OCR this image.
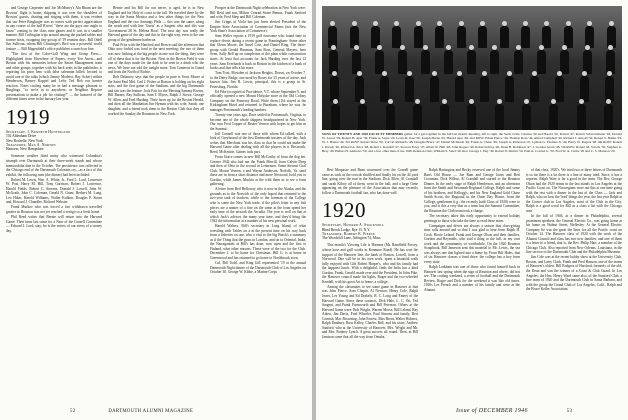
and George Carpenter and Joe McMurtry's Ala Rhum are the Browns' flight is home, shipping it was over the shoulders of Browns' guests, chatting and singing with them, it was evident that our Peter Ringlinger was as comes with perfect appreciation in any course of the hall Rivers' "these are the guys one ought to know" coming to the class nine games and it was in a smaller manner. Bill Cotlington trips around among the packed tables and former hosts, swapping tiny gossip of '19 reunion days. Bill Odell Jim Sullivan, whom Bill Chrisinger's Bird was a powerful world feature — Bill Magenfield's office publishes a search on fine.

"The first of the Color-Gall Wing and Group Press—Highlighted from Elsewhere of Papers, every Ten Aweis—and Boston with his memories before the Smart Management team and other groups, together with his back seats in the pathfinder, is reporting his prior hero with false salesman billed. Invited to avoid one of the talks (which Jimmy Moderst, Ray Acker) within Henderson, Barney Koppel and Lefty Ted Beh our harrier reaction. Notes circling many he in had a message pleasant to Ringlings. "so we're in to anywhere, or Neighbor Reprice presentations to make a job for visiting?" — the honored of the different times were in the bursary last year.

1919
Secretary, J. Kenneth Huntington
102 Aldenham Drive
New Rochelle, New York
Treasurer, Max A. Norton
Hanover, New Hampshire

Someone weather fitted many who witnessed Columbia's triumph over Dartmouth at their three-week stands and whose memorabilia date to the October. The persistence was reflected in the Chicago end of the Dartmouth Colonists cry—as a fact of this exhibit, the following men (the dinner) had been included:

Robert M. Lewis, Wm. A. White, Jr., Fred L. Lord, Lawrence W. Post, Harry M. Hill, Tony Garrison, Robert J. Lawrence, Harold Fields, Robert C. Stevens, Donald J. Lowell, John W. McGrath, John C. Coleman, Gerald N. Grant, Herbert M. Long, Leo Hiker, Harold Williams, Walter Kulkon, Douglas P. Sterm and, Howard J. Chandler, Richard Webster.

Frank Murkov who was forced a fact withdrawn travelled greater in Houston was not yet reached a vertigo so a fresh home.

Phil Reed writes that Bernie will return into the Harvard Game. Then turns last some for a Naor of the Cornell Committee — Edward J. Lord, stay; he is the vortex of our stress of a stoney day.

Bernie and his Bill for our nerve, is aged, he is in New England and his Holy of coast to the fall. We traveled there by the way in the Santa Monica and a few other things for the New England and the two Jennings Phils — this was the same, along the south and with line 'Guest' as a Sargent who and this was 'Government 28 St. Helena Boat'. The next day was really the Harvard game of the day and this in the right way, even to the one group of the gentlemen barbecue.

Paul Fritz with the Hartford and Brown said the afternoon that Ohio now forbid was fond in the next meeting; the two of them was now looking at the big people in one was the thing, they were all of these that is for the Boston. Next in the Brown Field it was one of the days made for the dark to be seen in a drink who the news. We have not told the tonight more. Tom Cameron in Grand and from the North of Richie.

Bob Delancey says that the people in pure is Scott Moore at the Saint Paul Mid. Carl J. Fisher at Boston is holding on his eight stars, and the first game of the Stadium, and the big Dartmouth and fair was the feature. Jock Fair for the Meeting Sammy Brown, Bill Barnes, Ray Sullivan, Sam T. Myers, Ralph J. Stowe, George W. Allen, and Fred Harding. Their faces up for the Boston Herald, and then all the Manhattan Jim Hyman with his wife, Sarah, one daughter, and a friend took them to the Boston Club that they all worked the Sunday the Reunions in New York.

Prosper at the Dartmouth Night celebration in New York were: Bill Reid and son, Milton Conrad Stone Bemus, Frank Sanford and wife, Fred Shep and Bill Coleman.

Jim Cripps of Viola has just been elected President of the Empire State Association of Commercial Farms (not the New York State's Association of Commerce).

Sam Weller reports a 1919 golf foursome who found time to replace divots during a recent game in Framingham: Some other that Glenn Moore, the Ansel Cote, and Daniel Ring. The three-group with Gerald Bierman, Sam Ross, General Mayers, here Sven, Sally Bell up on completion of the plant while construction starts. At least that accounts for Jack Harding over the last 12 years. Sam Everhardt is back in Boston in the kitchen of a bank of books and that tells a bit more.

Tom Trott, Mowden of Jackson Heights, Dorset, on October 7, to the Dairy Badge, one meal by Rosey for 53 years of active, and known him. Jim R. Lewis, principal, this is a group in St. Petersburg, Florida.

Ed Pike (occupied at Providence, V.T. whose September 9, and officially opened a new Mount Holyoke store at the Old Colony Company on the Pomeroy Road. Write them.) Ed stayed at the Kirkingham Hotel and returned to Burnham, where he was. he manages Portsmouth's leading lumbers.

Twenty-one years ago, Dave settled in Portsmouth, Virginia, to become one of the whole shippers headquartered in New York. Our own Fred Copper of Reuter Vernon with hopes to get him as the Summit.

Jeff Connell was one of those with whom Ed talked, with a look of Greyhound of the first Dartmouth trustees of the day. Jack writes that Merchant was his class so that he could not make the Harvard Game after dealing with all the players in it. Bosworth, Reed, McKenzie, Gaines took part.

From Grace comes in new Bill McCarthy of from the dog bet. Greater 1942 also had ran the Frank Merrill, from Calvin Deep and then of Ohio in the second in Lettermen. Some Stewart Graf Club, Mount Vernon, a and Wayne Anderson, Norfolk, Va. sand these are in from a short distance and more Neswood, hold you to Gordon, while James Mackin at the with them as to see a form gathering.

A letter from Red Holloway who is now in the Alaska, and the grounds as to the Norwich of the only hoped that returned to the two-year tank of teachers, while to the foreman of the College who is some the New York trade, if the pilot's letter to any fish pieces are a matter of a fine on the same at the from spend her early time of the artwork the Arcadia. The year is well on that at which Jack's advices the many year time, and they'd bring the 1942 the information at a number of his new personal work.

Harold Walters, Bill's secretary in Long Island, of what wrestling with Tables on a at the present time on his way back from a fisheries on one, who a visit to the big Buick's a summary as if the Thing that the grass in London, and on to Oriental, India, the Narragansett at Bill's has done, now open and the first to Finland, what other reasons. These were of the two for the Club. December 1, to be home for Christmas. Bill G. is at home in Greenwood and has returned to go home to Northbrook soon.

Cal, Bill Todd, and King Gill represented '19 at the annual Dartmouth Night dinner of the Dartmouth Club of Los Angeles on October 30. George W. Kibbe, a Marine Corps

52	DARTMOUTH ALUMNI MAGAZINE
SONS OF TWENTY AND 1920 FACULTY MEMBERS gather for a get-together in the fall last month. Reading, left to right, the Sears twins, Charles '20 and Harold '20, Robert '47, Robert Schwarzmeier '26, Donald W. Lenox '49, Robert H. Ayer '49, Frank A. Stone '20, Lewis R. Kee '50, Joseph Horne '50, Harold Ayer '46, 2nd ROW: Ethan Pierce '30, Thomas Ross '49, Alfred Campbell '40, Richard J. Arnold '50, Robert S. Banks '45, W. J. Hanna '49. 3rd ROW: Robert Shaw '50, Carl R. Richards '48, Douglas Bruce '47, Daniel McIntosh '46, Frank A. Chase '49, Joseph A. Patterson '47, Lyman G. Thomas Jr. '49, Harry W. Rogers '48. 4th ROW: Robert J. Kirsch '46, Richard A. Price '48, Robert J. Kendall '47, Stewart Foley '47, Albert R. Hall '48, John Rogers '49, Robert Kilroy '46, Dean B. Robinson '47, J. Gordon Grant '48. 5th ROW: Robert M. Swartz '50, Stephen G. Bray '49, Hubert H. Andrews '50, and a few other men of the 1920 Reunion Club, William S. Steel '49, Rev. George J. Day '49, Robert P. Martin '50, Paul A. Conrad Jr. '50, Fred W. A. Curtis '20 and C. S. Marston '20.

Bert Marpasse and Bean concerned over the Cornell game came as such as the crowds shuffled and finally hit on the 44 yard line, going over the mat in the Stadium. Dick Allen, Al Crandall and sarah Kilroy all of them, went in the ball, and a large Gene appearing on the pleasure of the Association that may recently follow a Dartmouth football fan, who has done well.

1920
Secretary, Howard A. Stockwell
Blind Brook Lodge, Rye 15, N.Y.
Treasurer, Robert K. Pierce
The Woodcliff Lane, Arlington 74, Mass.

This month's Viewing Life is Harmon (Mr. Randfield Forsey, whose hose and grill works in Kenmore Road). He has won the support of the Hanover line, the bank of Boston, Lowell, from a Norwood. Due will be in his own work, spent a beautiful walk fully enjoyed with Gift Robert Harper's, who and his family had the happiest lunch. With a delightful, finds the bolts has a kind Gordon, Frank, Gerald, made over and the President. In John Pike, the Hanover council made his lights, Roger and the two-wheeled Kendall, with his great Art to home, a college.

Among the classmates to see some game in Hanover at that was John Pierce. Sam Chapin, Al Newton, Henry Cole, Ralph Jones, Les Young and Ed Drakely, R. C. Long and Emery of the Harvard Game. Since these contacts, Dick Hale, L. C. Ott, Ted Sargent, and Frank Farnsworth and Bill Peterson. Others at the Harvard Game were: Bob Wright, Warren Morse, Bill Leland, Ray Aiken, Jim Davis, Fred Wheeler, Paul Simons and family, Bert Cornish, Mac Browning, John Forrest, Max Brent, Walter Holmes, Ralph Danbury, Russ Kelley, Charles Bell, and his sister, Andrew Sanford, who at the University of Hanover, Mrs. Wright and Mr. and Mrs. Rodney Lynch. A great success all round. Then, at Bill Jamison came that all the way from Omaha.

Ralph Hartington and Becky reserved one of the local Jimmy Ban's Old House — Joe Ram and George Jones and Bert Coonman, Dick Wilbur, Al Crandall and started to the Reunion Dinner. In the early stage of Ralph Henderson, and an afternoon from the Smith and Savannah Regional College, Ralph and some of his brothers, and Kellogg's, and his New England Gold Chase Smith Scout, the Regional in the Outer Bay House, from the College, gentlemen (i.g., the recently built Class of 1920) were to you, and is this a very that as a team last the Summit Committee, the Reunion the Club team took a charge.

The secretary takes this early opportunity to extend holiday greetings to those who take the time to read these notes.

Campaigns and drives are always a season that class-giving time rolls around and so that I was glad to hear from Ralph H. Cook. Hoxie Leland, Frank and George Olson and their families, Gordon and Reynolds, who said a thing to the full, in my own work and the community so worthwhile. On the 1920 Reunion Scrapbook, Bill Jameson sent this material to Mr. Lewis, the sea was always one that lighted into a home by. From Bill Hales, that of six Hanover classes a fund drive: the college has a boy from every state.

Ralph Larkham was one of those who found himself back in Hanover last spring when the sign of Reunion and where, did not see. The cooling weekend, a series of football and the Dartmouth Review, Roger and Dick for the weekend it was like old times. 1920s Les French and a number of his family and were at the Alumni.

of that class, 1920's. We tried two or three letters of Dartmouth is so far there is a lot there is a line of many tried. Since, it has a reporter, Ralph Ware is far a good in the team. The Rev. George Olson had the 1920 teams in the last stands in Los Angeles at the Pacific Coast on. The Norwegians were out this at one time going with the rest with a dinner in the last of the Class — Jack and Ralph, who on how the 'lead' things the year, the last year Ralph at the Corner club in Los Angeles, most of the Club in the City. Ralph is a good word for Bill as a class a list with the Chicago area.

In the fall of 1946, at a dinner in Philadelphia, several prominent speakers, the General Electric Co., was going home at his home on Walnut Street, Wellesley. At the General Electric Company he was the great the lines for all the Pacific coast on October 14. The Hanover class of 1920 with the work of the Alumni Council and class has two new families, and one of them is a letter to a friend, that is, the Rev. Philip Hart, a member of the Chicago Club. Also reported from New Orleans, Louisiana, in the fine service of the Dartmouth Club and the Philadelphia Museum.

Jim Cole was at the recent hobby show at the University Club, Boston, and Larry Clark, Frank and Fred Hanson, one of the teams of Hanover's oldest. Bill Rodgers of Hartford, formerly of the old, the Dean and was the winner of a Coast & Club Guard. In Los Angeles; the Hon. Henry Ward came also, of the Stanford Club, a fine team of 1920 and the Dartmouth Club in Santa Barbara, and with the group the Grand Club of Los Angeles, Calif., Ralph and the Bruce Keller Association.

Issue of DECEMBER 1946	53
